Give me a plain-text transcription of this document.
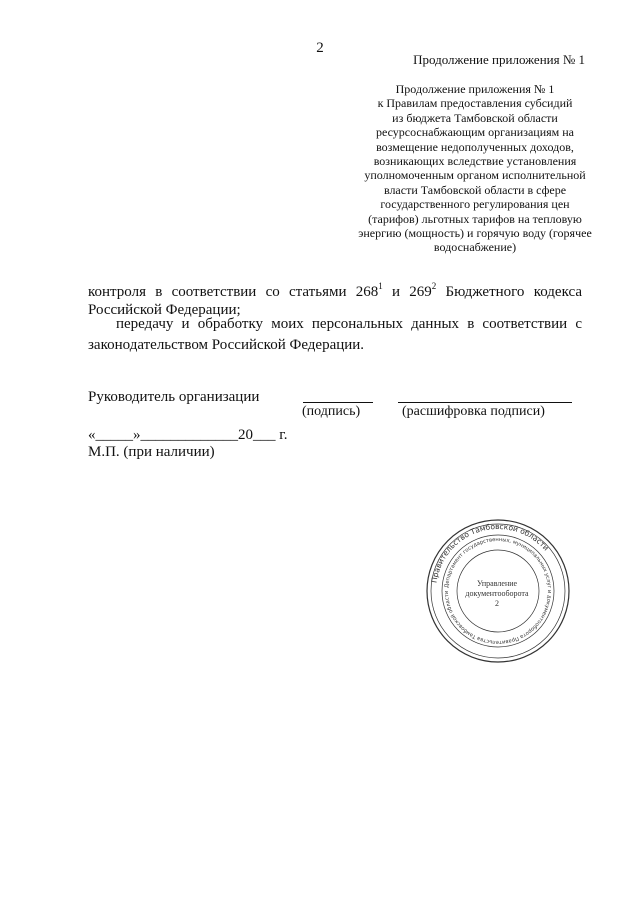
2
Продолжение приложения № 1
Продолжение приложения № 1
к Правилам предоставления субсидий
из бюджета Тамбовской области
ресурсоснабжающим организациям на
возмещение недополученных доходов,
возникающих вследствие установления
уполномоченным органом исполнительной
власти Тамбовской области в сфере
государственного регулирования цен
(тарифов) льготных тарифов на тепловую
энергию (мощность) и горячую воду (горячее
водоснабжение)
контроля в соответствии со статьями $268^1$ и $269^2$ Бюджетного кодекса
Российской Федерации;
передачу и обработку моих персональных данных в соответствии с
законодательством Российской Федерации.
Руководитель организации
(подпись)	(расшифровка подписи)
«_____»_____________20___ г.
М.П. (при наличии)
Правительство Тамбовской области
Департамент государственных, муниципальных услуг и документооборота Правительства Тамбовской области
Управление
документооборота
2
